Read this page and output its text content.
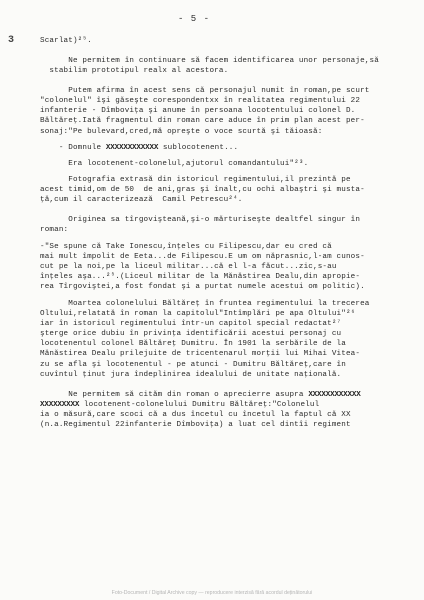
3
- 5 -
Scarlat)²⁵.
Ne permitem în continuare să facem identificarea unor personaje,să
stabilim prototipul realx al acestora.
Putem afirma în acest sens că personajul numit în roman,pe scurt
"colonelul" îşi găseşte corespondentxx în realitatea regimentului 22
infanterie - Dîmboviţa şi anume în persoana locotentului colonel D.
Băltăreţ.Iată fragmentul din roman care aduce în prim plan acest per-
sonaj:"Pe bulevard,cred,mă opreşte o voce scurtă şi tăioasă:
- Domnule XXXXXXXXXXXX sublocotenent...
Era locotenent-colonelul,ajutorul comandantului"²³.
Fotografia extrasă din istoricul regimentului,il prezintă pe
acest timid,om de 50  de ani,gras şi înalt,cu ochi albaştri şi musta-
ţă,cum il caracterizează  Camil Petrescu²⁴.
Originea sa tîrgovişteană,şi-o mărturiseşte dealtfel singur în
roman:
-"Se spune că Take Ionescu,înţeles cu Filipescu,dar eu cred că
mai mult împolit de Eeta...de Filipescu.E um om năprasnic,l-am cunos-
cut pe la noi,pe la liceul militar...că el l-a făcut...zic,s-au
înţeles aşa...²⁵.(Liceul militar de la Mănăstirea Dealu,din apropie-
rea Tîrgoviştei,a fost fondat şi a purtat numele acestui om politic).
Moartea colonelului Băltăreţ în fruntea regimentului la trecerea
Oltului,relatată în roman la capitolul"Intîmplări pe apa Oltului"²⁶
iar în istoricul regimentului într-un capitol special redactat²⁷
şterge orice dubiu în privinţa identificării acestui personaj cu
locotenentul colonel Băltăreţ Dumitru. În 1901 la serbările de la
Mănăstirea Dealu prilejuite de tricentenarul morţii lui Mihai Vitea-
zu se afla şi locotenentul - pe atunci - Dumitru Băltăreţ,care în
cuvîntul ţinut jura îndeplinirea idealului de unitate naţională.
Ne permitem să cităm din roman o aprecierre asupra XXXXXXXXXXXX
XXXXXXXXX locotenent-colonelului Dumitru Băltăreţ:"Colonelul
ia o măsură,care scoci că a dus încetul cu încetul la faptul că XX
(n.a.Regimentul 22infanterie Dîmboviţa) a luat cel dintîi regiment
Foto-Document / Digital Archive copy — reproducere interzisă fără acordul deținătorului
